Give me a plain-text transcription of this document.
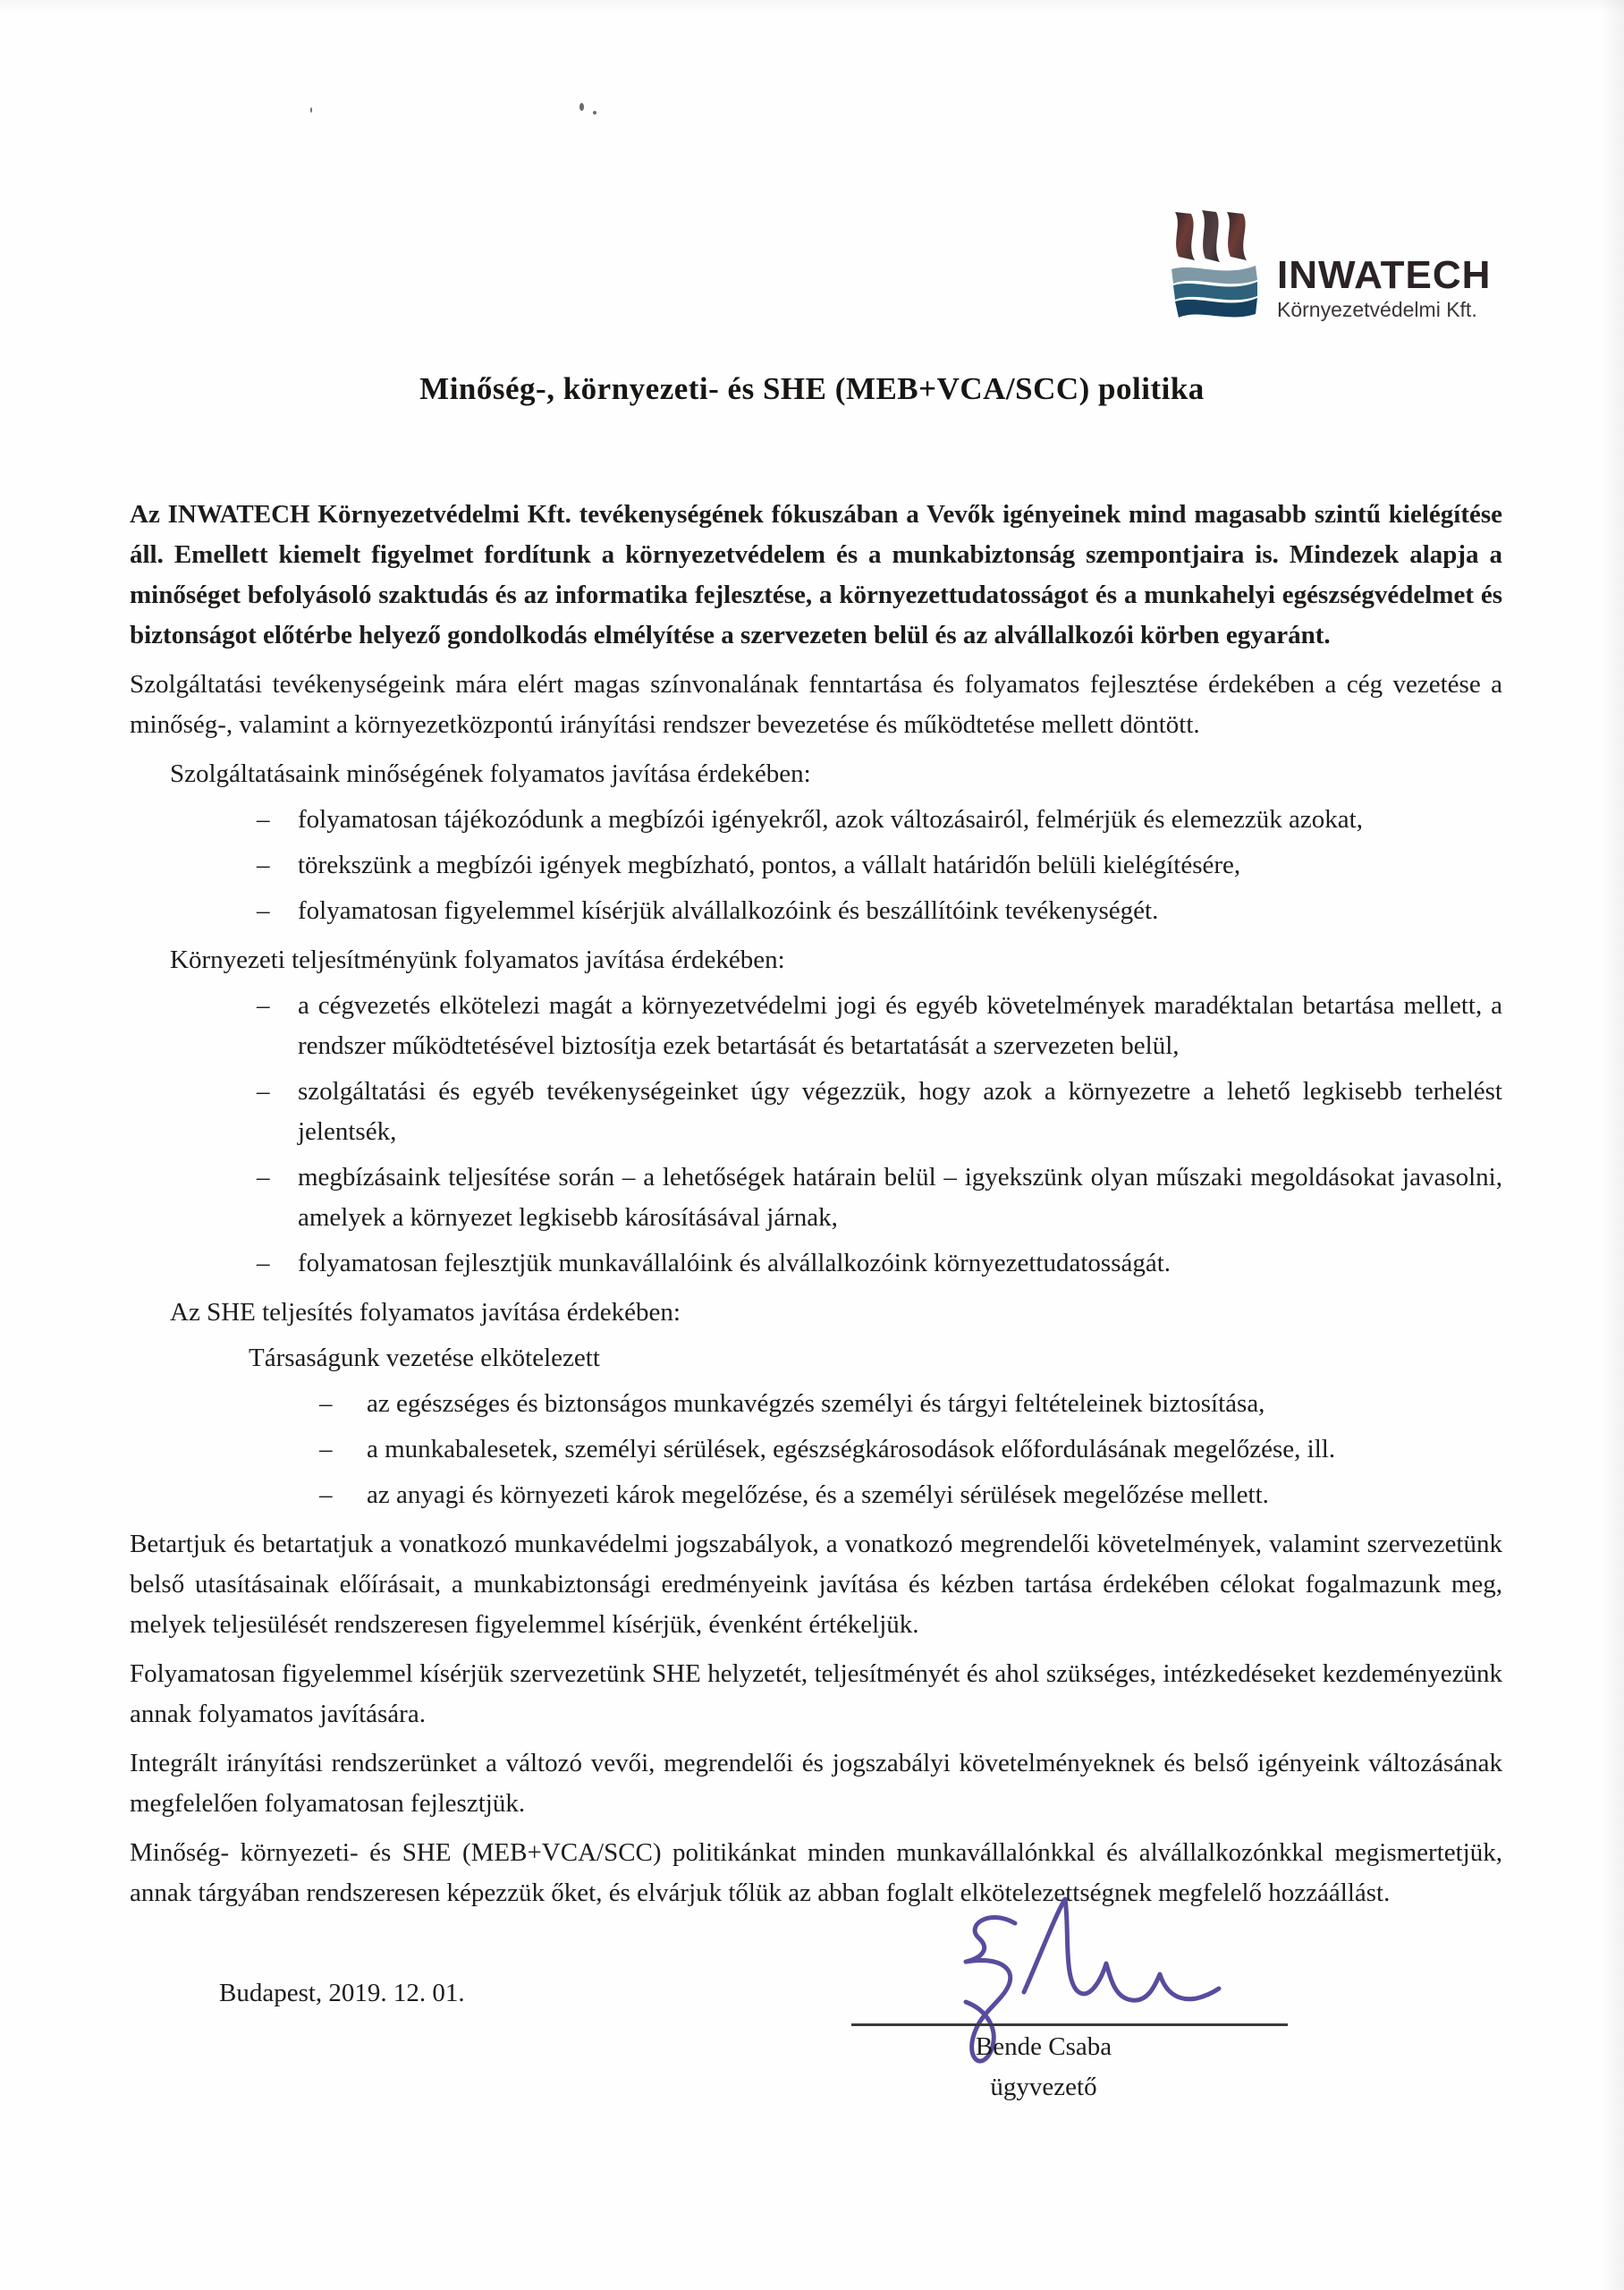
INWATECH
Környezetvédelmi Kft.
Minőség-, környezeti- és SHE (MEB+VCA/SCC) politika

Az INWATECH Környezetvédelmi Kft. tevékenységének fókuszában a Vevők igényeinek mind magasabb szintű kielégítése áll. Emellett kiemelt figyelmet fordítunk a környezetvédelem és a munkabiztonság szempontjaira is. Mindezek alapja a minőséget befolyásoló szaktudás és az informatika fejlesztése, a környezettudatosságot és a munkahelyi egészségvédelmet és biztonságot előtérbe helyező gondolkodás elmélyítése a szervezeten belül és az alvállalkozói körben egyaránt.

Szolgáltatási tevékenységeink mára elért magas színvonalának fenntartása és folyamatos fejlesztése érdekében a cég vezetése a minőség-, valamint a környezetközpontú irányítási rendszer bevezetése és működtetése mellett döntött.

Szolgáltatásaink minőségének folyamatos javítása érdekében:
–	folyamatosan tájékozódunk a megbízói igényekről, azok változásairól, felmérjük és elemezzük azokat,
–	törekszünk a megbízói igények megbízható, pontos, a vállalt határidőn belüli kielégítésére,
–	folyamatosan figyelemmel kísérjük alvállalkozóink és beszállítóink tevékenységét.
Környezeti teljesítményünk folyamatos javítása érdekében:
–	a cégvezetés elkötelezi magát a környezetvédelmi jogi és egyéb követelmények maradéktalan betartása mellett, a rendszer működtetésével biztosítja ezek betartását és betartatását a szervezeten belül,
–	szolgáltatási és egyéb tevékenységeinket úgy végezzük, hogy azok a környezetre a lehető legkisebb terhelést jelentsék,
–	megbízásaink teljesítése során – a lehetőségek határain belül – igyekszünk olyan műszaki megoldásokat javasolni, amelyek a környezet legkisebb károsításával járnak,
–	folyamatosan fejlesztjük munkavállalóink és alvállalkozóink környezettudatosságát.
Az SHE teljesítés folyamatos javítása érdekében:
Társaságunk vezetése elkötelezett
–	az egészséges és biztonságos munkavégzés személyi és tárgyi feltételeinek biztosítása,
–	a munkabalesetek, személyi sérülések, egészségkárosodások előfordulásának megelőzése, ill.
–	az anyagi és környezeti károk megelőzése, és a személyi sérülések megelőzése mellett.

Betartjuk és betartatjuk a vonatkozó munkavédelmi jogszabályok, a vonatkozó megrendelői követelmények, valamint szervezetünk belső utasításainak előírásait, a munkabiztonsági eredményeink javítása és kézben tartása érdekében célokat fogalmazunk meg, melyek teljesülését rendszeresen figyelemmel kísérjük, évenként értékeljük.

Folyamatosan figyelemmel kísérjük szervezetünk SHE helyzetét, teljesítményét és ahol szükséges, intézkedéseket kezdeményezünk annak folyamatos javítására.

Integrált irányítási rendszerünket a változó vevői, megrendelői és jogszabályi követelményeknek és belső igényeink változásának megfelelően folyamatosan fejlesztjük.

Minőség- környezeti- és SHE (MEB+VCA/SCC) politikánkat minden munkavállalónkkal és alvállalkozónkkal megismertetjük, annak tárgyában rendszeresen képezzük őket, és elvárjuk tőlük az abban foglalt elkötelezettségnek megfelelő hozzáállást.

Budapest, 2019. 12. 01.
Bende Csaba
ügyvezető
